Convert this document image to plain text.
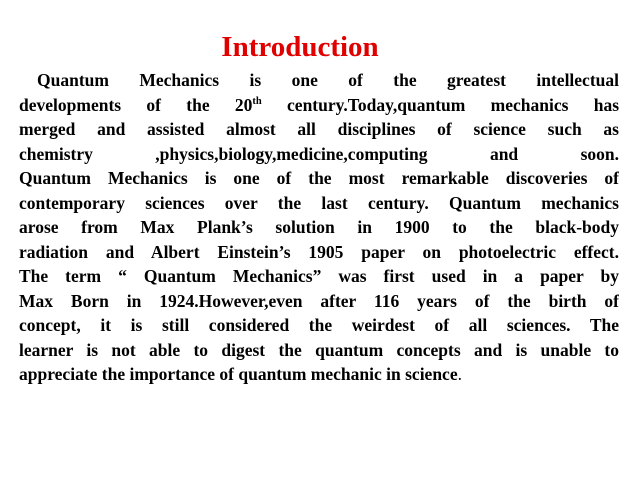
Introduction
Quantum Mechanics is one of the greatest intellectual
developments of the 20th century.Today,quantum mechanics has
merged and assisted almost all disciplines of science such as
chemistry ,physics,biology,medicine,computing and soon.
Quantum Mechanics is one of the most remarkable discoveries of
contemporary sciences over the last century. Quantum mechanics
arose from Max Plank’s solution in 1900 to the black-body
radiation and Albert Einstein’s 1905 paper on photoelectric effect.
The term “ Quantum Mechanics” was first used in a paper by
Max Born in 1924.However,even after 116 years of the birth of
concept, it is still considered the weirdest of all sciences. The
learner is not able to digest the quantum concepts and is unable to
appreciate the importance of quantum mechanic in science.
